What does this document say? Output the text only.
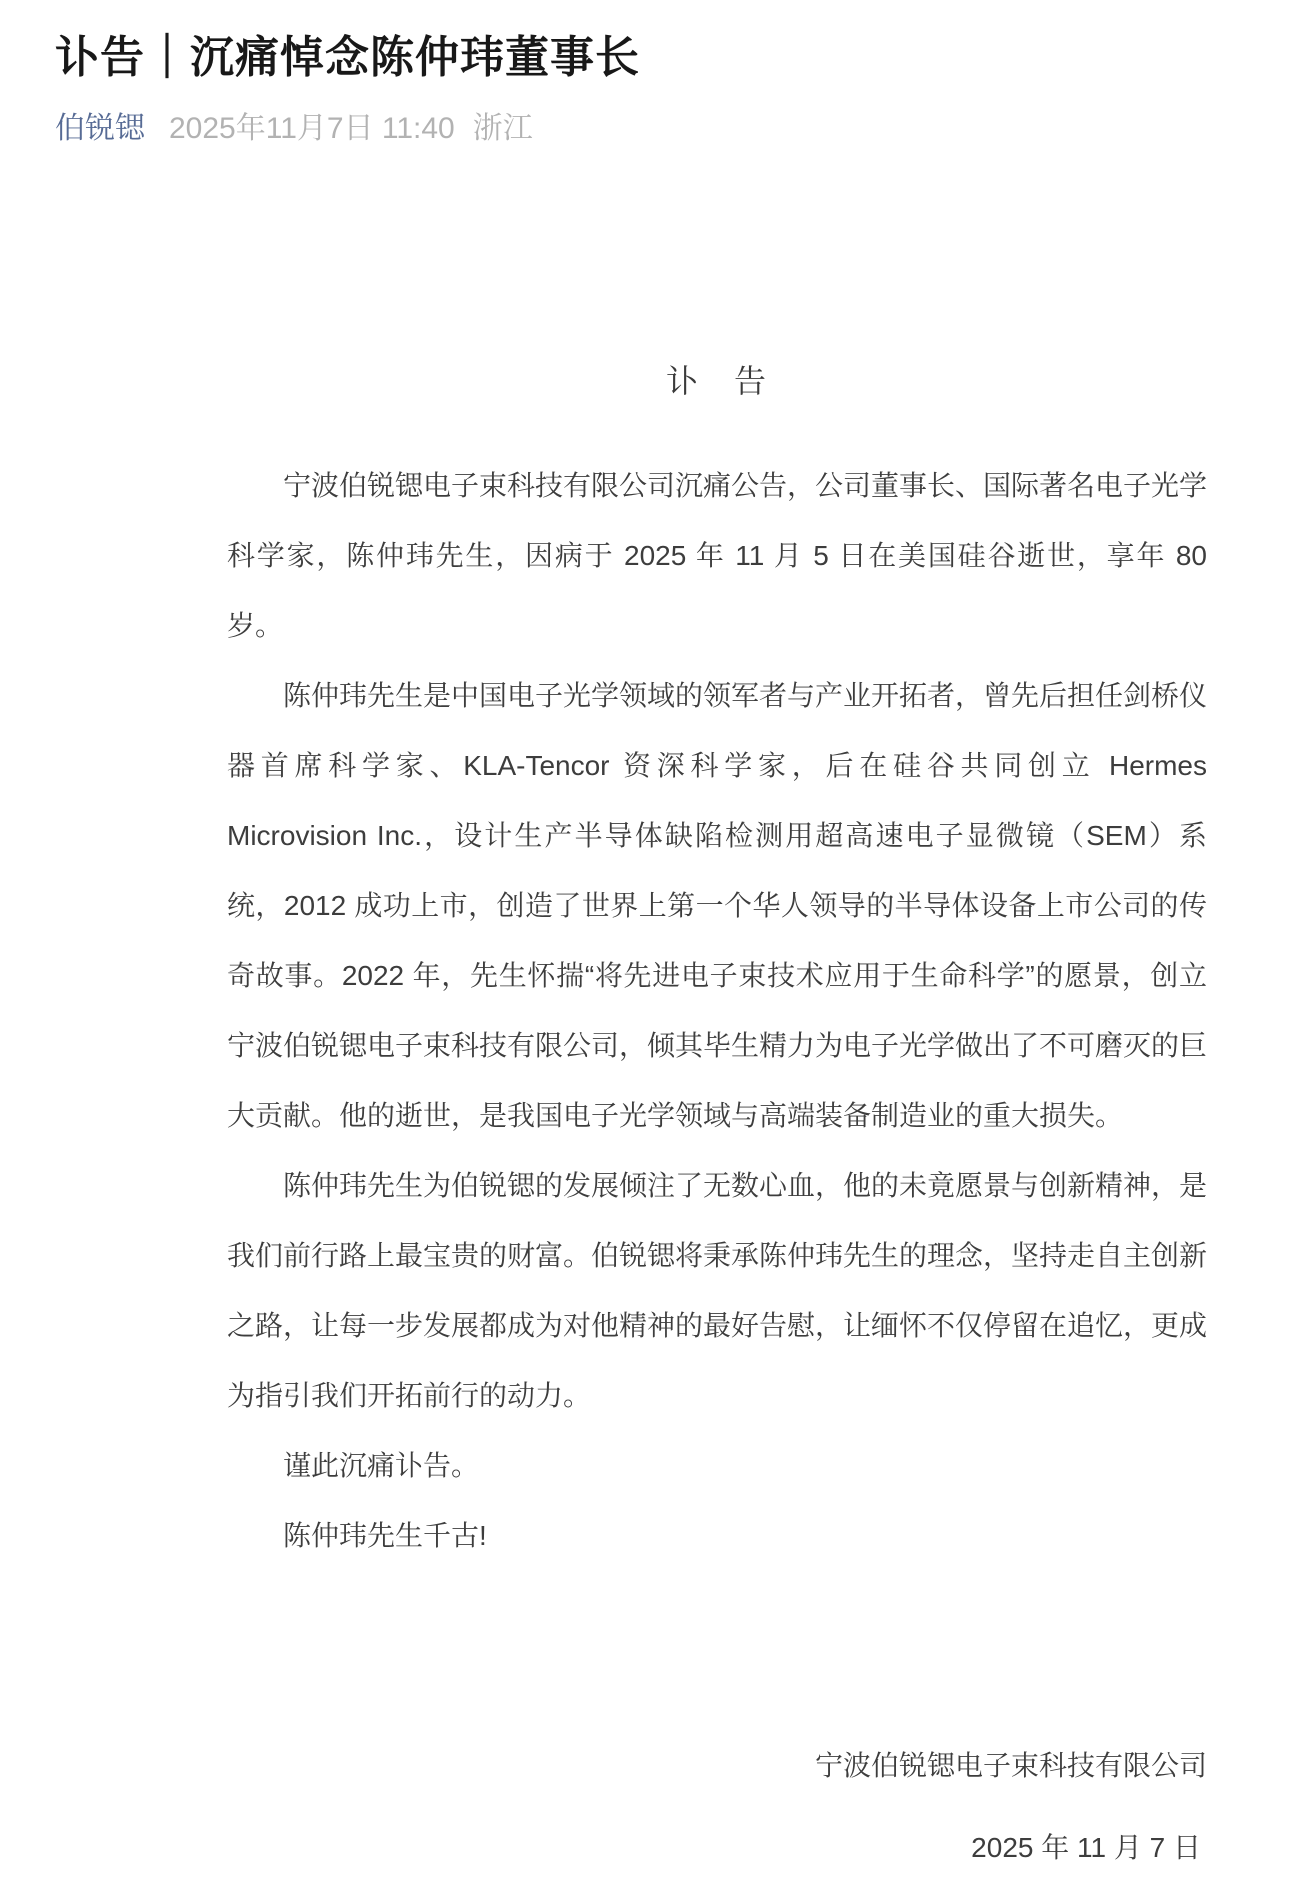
讣告｜沉痛悼念陈仲玮董事长
伯锐锶 2025年11月7日 11:40 浙江
讣　告

宁波伯锐锶电子束科技有限公司沉痛公告，公司董事长、国际著名电子光学科学家，陈仲玮先生，因病于 2025 年 11 月 5 日在美国硅谷逝世，享年 80 岁。

陈仲玮先生是中国电子光学领域的领军者与产业开拓者，曾先后担任剑桥仪器首席科学家、KLA-Tencor 资深科学家，后在硅谷共同创立 Hermes Microvision Inc.，设计生产半导体缺陷检测用超高速电子显微镜（SEM）系统，2012 成功上市，创造了世界上第一个华人领导的半导体设备上市公司的传奇故事。2022 年，先生怀揣“将先进电子束技术应用于生命科学”的愿景，创立宁波伯锐锶电子束科技有限公司，倾其毕生精力为电子光学做出了不可磨灭的巨大贡献。他的逝世，是我国电子光学领域与高端装备制造业的重大损失。

陈仲玮先生为伯锐锶的发展倾注了无数心血，他的未竟愿景与创新精神，是我们前行路上最宝贵的财富。伯锐锶将秉承陈仲玮先生的理念，坚持走自主创新之路，让每一步发展都成为对他精神的最好告慰，让缅怀不仅停留在追忆，更成为指引我们开拓前行的动力。

谨此沉痛讣告。

陈仲玮先生千古!

宁波伯锐锶电子束科技有限公司
2025 年 11 月 7 日
